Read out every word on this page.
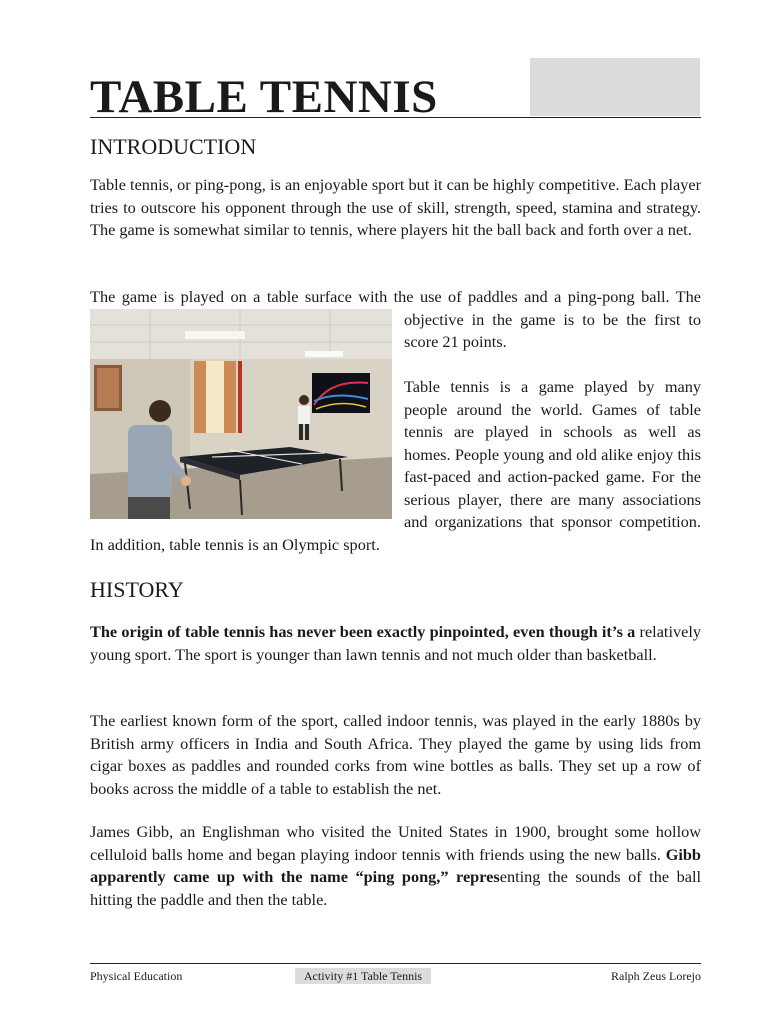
TABLE TENNIS
INTRODUCTION

Table tennis, or ping-pong, is an enjoyable sport but it can be highly competitive. Each player tries to outscore his opponent through the use of skill, strength, speed, stamina and strategy. The game is somewhat similar to tennis, where players hit the ball back and forth over a net.

The game is played on a table surface with the use of paddles and a ping-pong ball. The

objective in the game is to be the first to score 21 points.

Table tennis is a game played by many people around the world. Games of table tennis are played in schools as well as homes. People young and old alike enjoy this fast-paced and action-packed game. For the serious player, there are many associations and organizations that sponsor competition. In addition, table tennis is an Olympic sport.

HISTORY

The origin of table tennis has never been exactly pinpointed, even though it’s a relatively young sport. The sport is younger than lawn tennis and not much older than basketball.

The earliest known form of the sport, called indoor tennis, was played in the early 1880s by British army officers in India and South Africa. They played the game by using lids from cigar boxes as paddles and rounded corks from wine bottles as balls. They set up a row of books across the middle of a table to establish the net.

James Gibb, an Englishman who visited the United States in 1900, brought some hollow celluloid balls home and began playing indoor tennis with friends using the new balls. Gibb apparently came up with the name “ping pong,” representing the sounds of the ball hitting the paddle and then the table.

Physical Education	Activity #1 Table Tennis	Ralph Zeus Lorejo
